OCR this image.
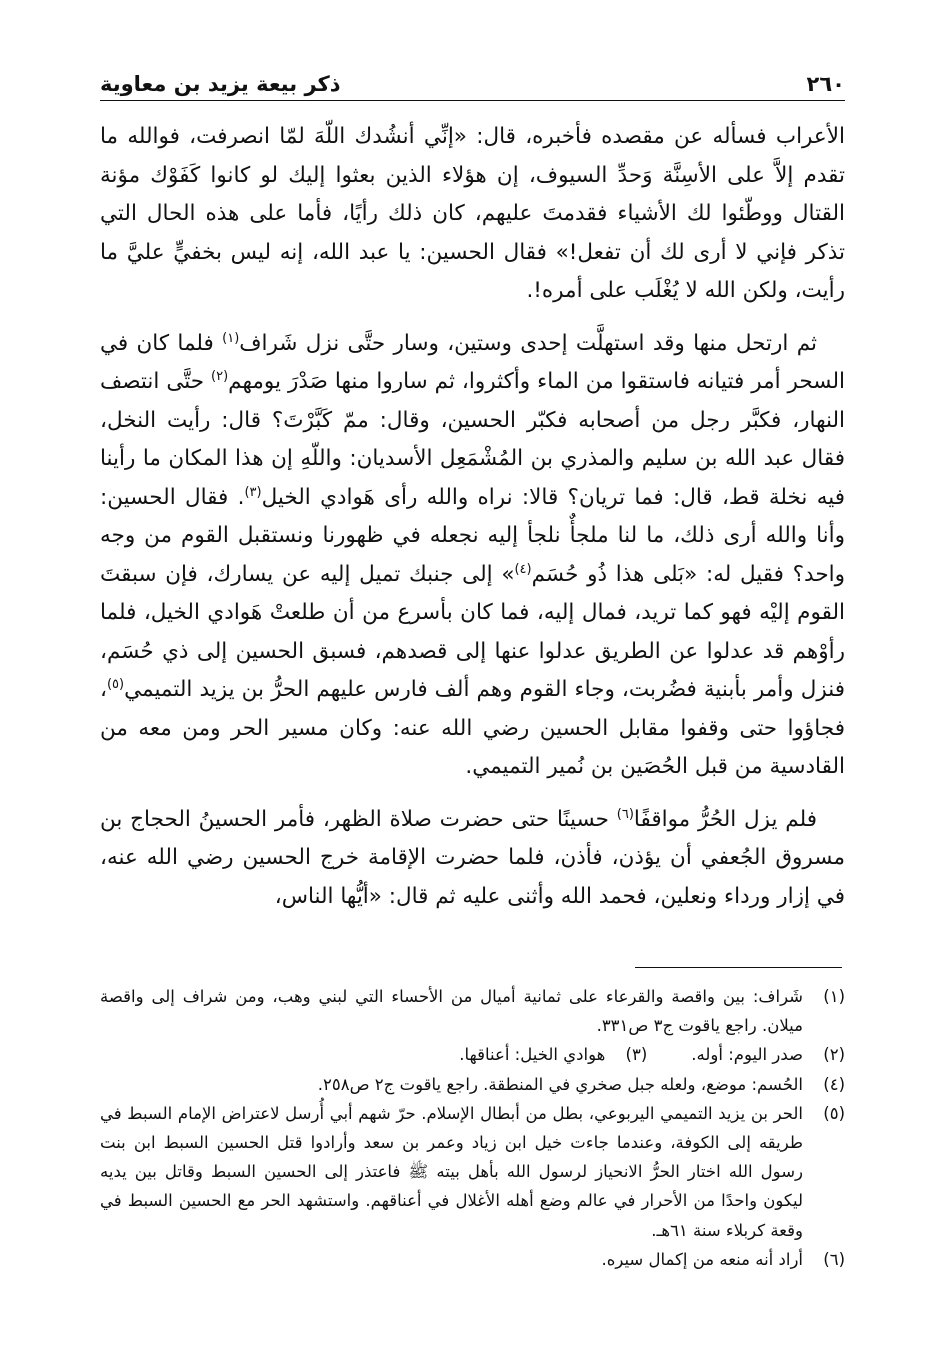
٢٦٠
ذكر بيعة يزيد بن معاوية

الأعراب فسأله عن مقصده فأخبره، قال: «إنِّي أنشُدك اللّهَ لمّا انصرفت، فوالله ما تقدم إلاَّ على الأسِنَّة وَحدِّ السيوف، إن هؤلاء الذين بعثوا إليك لو كانوا كَفَوْك مؤنة القتال ووطّئوا لك الأشياء فقدمتَ عليهم، كان ذلك رأيًا، فأما على هذه الحال التي تذكر فإني لا أرى لك أن تفعل!» فقال الحسين: يا عبد الله، إنه ليس بخفيٍّ عليَّ ما رأيت، ولكن الله لا يُغْلَب على أمره!.

ثم ارتحل منها وقد استهلَّت إحدى وستين، وسار حتَّى نزل شَراف$^{(١)}$ فلما كان في السحر أمر فتيانه فاستقوا من الماء وأكثروا، ثم ساروا منها صَدْرَ يومهم$^{(٢)}$ حتَّى انتصف النهار، فكبَّر رجل من أصحابه فكبّر الحسين، وقال: ممّ كَبَّرْتَ؟ قال: رأيت النخل، فقال عبد الله بن سليم والمذري بن المُشْمَعِل الأسديان: واللّهِ إن هذا المكان ما رأينا فيه نخلة قط، قال: فما تريان؟ قالا: نراه والله رأى هَوادي الخيل$^{(٣)}$. فقال الحسين: وأنا والله أرى ذلك، ما لنا ملجأٌ نلجأ إليه نجعله في ظهورنا ونستقبل القوم من وجه واحد؟ فقيل له: «بَلى هذا ذُو حُسَم$^{(٤)}$» إلى جنبك تميل إليه عن يسارك، فإن سبقتَ القوم إليْه فهو كما تريد، فمال إليه، فما كان بأسرع من أن طلعتْ هَوادي الخيل، فلما رأوْهم قد عدلوا عن الطريق عدلوا عنها إلى قصدهم، فسبق الحسين إلى ذي حُسَم، فنزل وأمر بأبنية فضُربت، وجاء القوم وهم ألف فارس عليهم الحرُّ بن يزيد التميمي$^{(٥)}$، فجاؤوا حتى وقفوا مقابل الحسين رضي الله عنه: وكان مسير الحر ومن معه من القادسية من قبل الحُصَين بن نُمير التميمي.

فلم يزل الحُرُّ مواقفًا$^{(٦)}$ حسينًا حتى حضرت صلاة الظهر، فأمر الحسينُ الحجاج بن مسروق الجُعفي أن يؤذن، فأذن، فلما حضرت الإقامة خرج الحسين رضي الله عنه، في إزار ورداء ونعلين، فحمد الله وأثنى عليه ثم قال: «أيُّها الناس،

(١)
شَراف: بين واقصة والقرعاء على ثمانية أميال من الأحساء التي لبني وهب، ومن شراف إلى واقصة ميلان. راجع ياقوت ج٣ ص٣٣١.
(٢)
صدر اليوم: أوله.
(٣)
هوادي الخيل: أعناقها.
(٤)
الحُسم: موضع، ولعله جبل صخري في المنطقة. راجع ياقوت ج٢ ص٢٥٨.
(٥)
الحر بن يزيد التميمي اليربوعي، بطل من أبطال الإسلام. حرّ شهم أبي أُرسل لاعتراض الإمام السبط في طريقه إلى الكوفة، وعندما جاءت خيل ابن زياد وعمر بن سعد وأرادوا قتل الحسين السبط ابن بنت رسول الله اختار الحرُّ الانحياز لرسول الله بأهل بيته ﷺ فاعتذر إلى الحسين السبط وقاتل بين يديه ليكون واحدًا من الأحرار في عالم وضع أهله الأغلال في أعناقهم. واستشهد الحر مع الحسين السبط في وقعة كربلاء سنة ٦١هـ.
(٦)
أراد أنه منعه من إكمال سيره.
